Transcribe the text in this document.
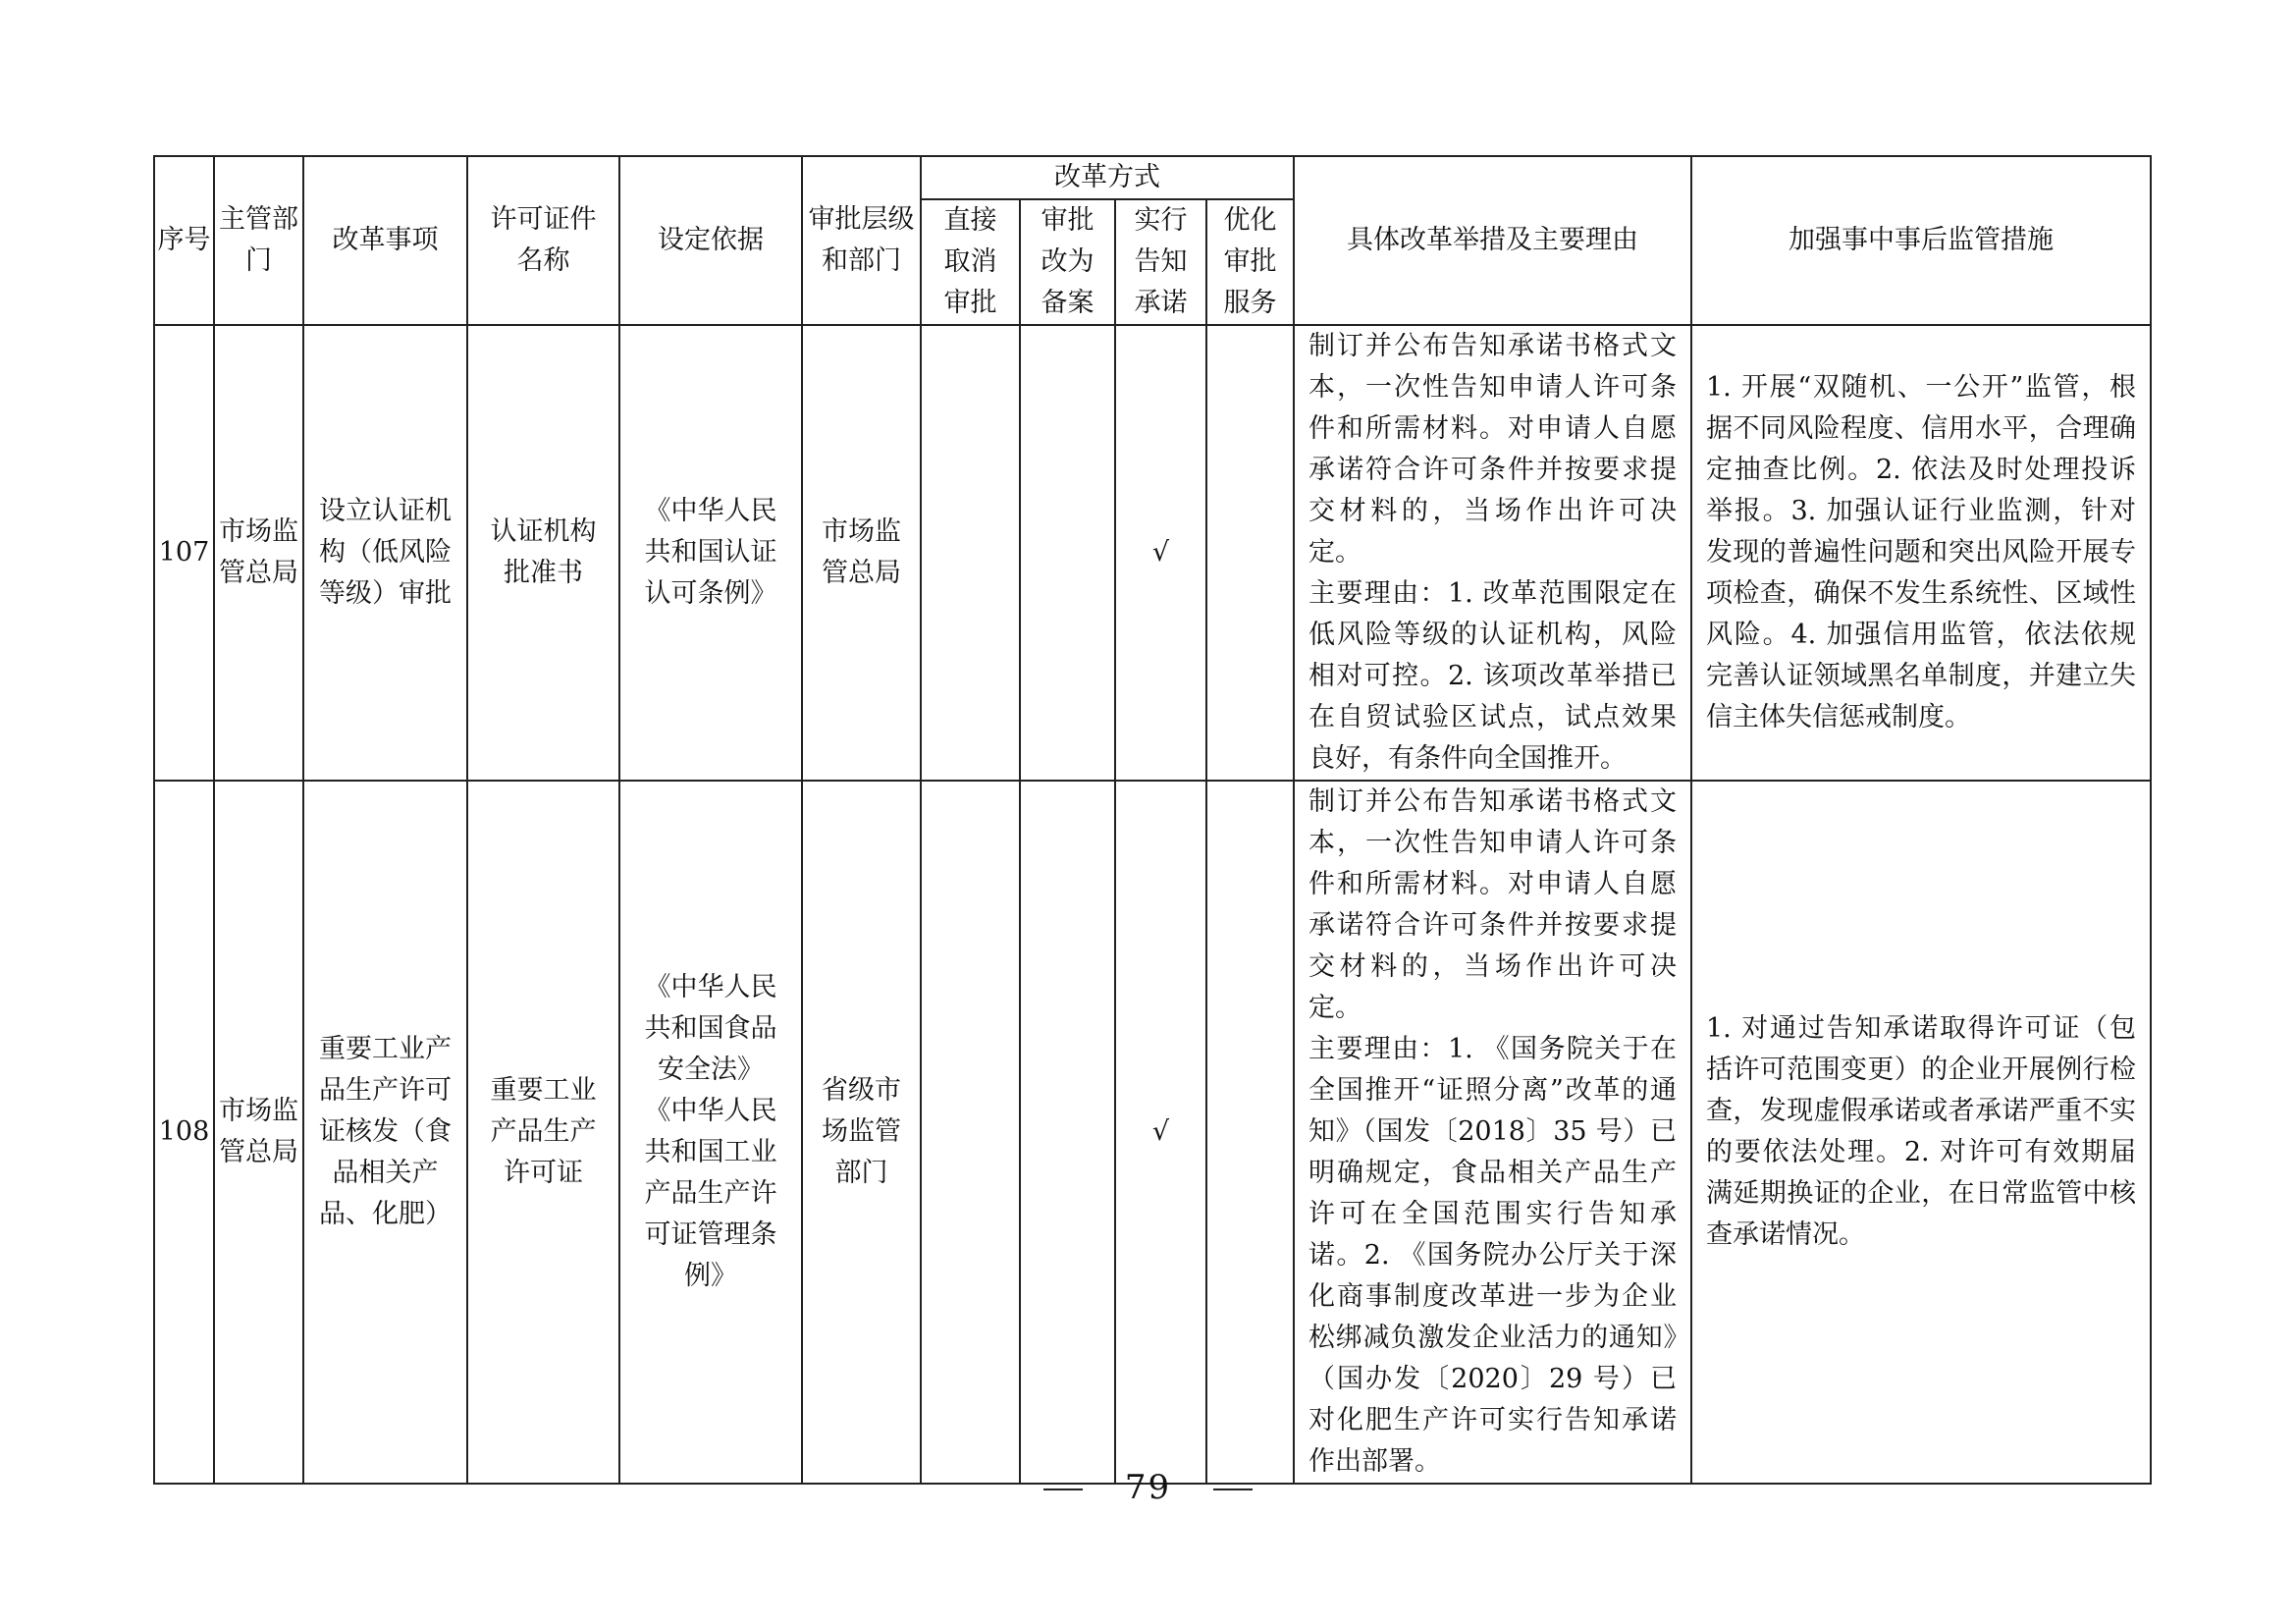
序号	主管部门	改革事项	许可证件名称	设定依据	审批层级和部门	改革方式				具体改革举措及主要理由	加强事中事后监管措施

						直接取消审批	审批改为备案	实行告知承诺	优化审批服务		

107	市场监管总局	设立认证机构（低风险等级）审批	认证机构批准书	《中华人民共和国认证认可条例》	市场监管总局			√		制订并公布告知承诺书格式文本，一次性告知申请人许可条件和所需材料。对申请人自愿承诺符合许可条件并按要求提交材料的，当场作出许可决定。
主要理由：1. 改革范围限定在低风险等级的认证机构，风险相对可控。2. 该项改革举措已在自贸试验区试点，试点效果良好，有条件向全国推开。	1. 开展“双随机、一公开”监管，根据不同风险程度、信用水平，合理确定抽查比例。2. 依法及时处理投诉举报。3. 加强认证行业监测，针对发现的普遍性问题和突出风险开展专项检查，确保不发生系统性、区域性风险。4. 加强信用监管，依法依规完善认证领域黑名单制度，并建立失信主体失信惩戒制度。

108	市场监管总局	重要工业产品生产许可证核发（食品相关产品、化肥）	重要工业产品生产许可证	《中华人民共和国食品安全法》《中华人民共和国工业产品生产许可证管理条例》	省级市场监管部门			√		制订并公布告知承诺书格式文本，一次性告知申请人许可条件和所需材料。对申请人自愿承诺符合许可条件并按要求提交材料的，当场作出许可决定。
主要理由：1. 《国务院关于在全国推开“证照分离”改革的通知》（国发〔2018〕35 号）已明确规定，食品相关产品生产许可在全国范围实行告知承诺。2. 《国务院办公厅关于深化商事制度改革进一步为企业松绑减负激发企业活力的通知》（国办发〔2020〕29 号）已对化肥生产许可实行告知承诺作出部署。	1. 对通过告知承诺取得许可证（包括许可范围变更）的企业开展例行检查，发现虚假承诺或者承诺严重不实的要依法处理。2. 对许可有效期届满延期换证的企业，在日常监管中核查承诺情况。
79
